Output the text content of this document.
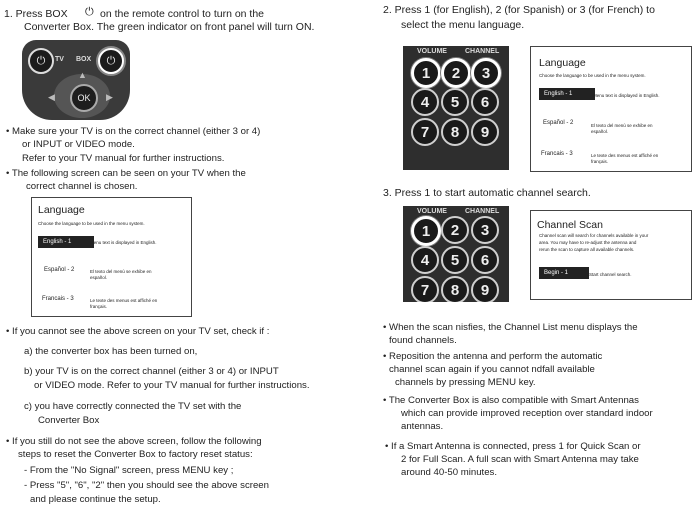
1. Press BOX ⏻ on the remote control to turn on the
Converter Box. The green indicator on front panel will turn ON.
⏻	TV BOX	⏻
◀	▶
▲
OK
• Make sure your TV is on the correct channel (either 3 or 4)
or INPUT or VIDEO mode.
Refer to your TV manual for further instructions.
• The following screen can be seen on your TV when the
correct channel is chosen.
Language
Choose the language to be used in the menu system.
English - 1	Menu text is displayed in English.
Español - 2	El texto del menú se exhibe en español.
Francais - 3	Le texte des menus est affiché en français.
• If you cannot see the above screen on your TV set, check if :
a) the converter box has been turned on,
b) your TV is on the correct channel (either 3 or 4) or INPUT
or VIDEO mode. Refer to your TV manual for further instructions.
c) you have correctly connected the TV set with the
Converter Box
• If you still do not see the above screen, follow the following
steps to reset the Converter Box to factory reset status:
- From the "No Signal" screen, press MENU key ;
- Press "5", "6", "2" then you should see the above screen
and please continue the setup.
2. Press 1 (for English), 2 (for Spanish) or 3 (for French) to
select the menu language.
VOLUME	CHANNEL
1	2	3
4	5	6
7	8	9
Language
Choose the language to be used in the menu system.
English - 1	Menu text is displayed in English.
Español - 2	El texto del menú se exhibe en español.
Francais - 3	Le texte des menus est affiché en français.
3. Press 1 to start automatic channel search.
VOLUME	CHANNEL
1	2	3
4	5	6
7	8	9
Channel Scan
Channel scan will search for channels available in your
area. You may have to re-adjust the antenna and
rerun the scan to capture all available channels.
Begin - 1	Start channel search.
• When the scan nisfies, the Channel List menu displays the
found channels.
• Reposition the antenna and perform the automatic
channel scan again if you cannot ndfall available
channels by pressing MENU key.
• The Converter Box is also compatible with Smart Antennas
which can provide improved reception over standard indoor
antennas.
• If a Smart Antenna is connected, press 1 for Quick Scan or
2 for Full Scan. A full scan with Smart Antenna may take
around 40-50 minutes.
